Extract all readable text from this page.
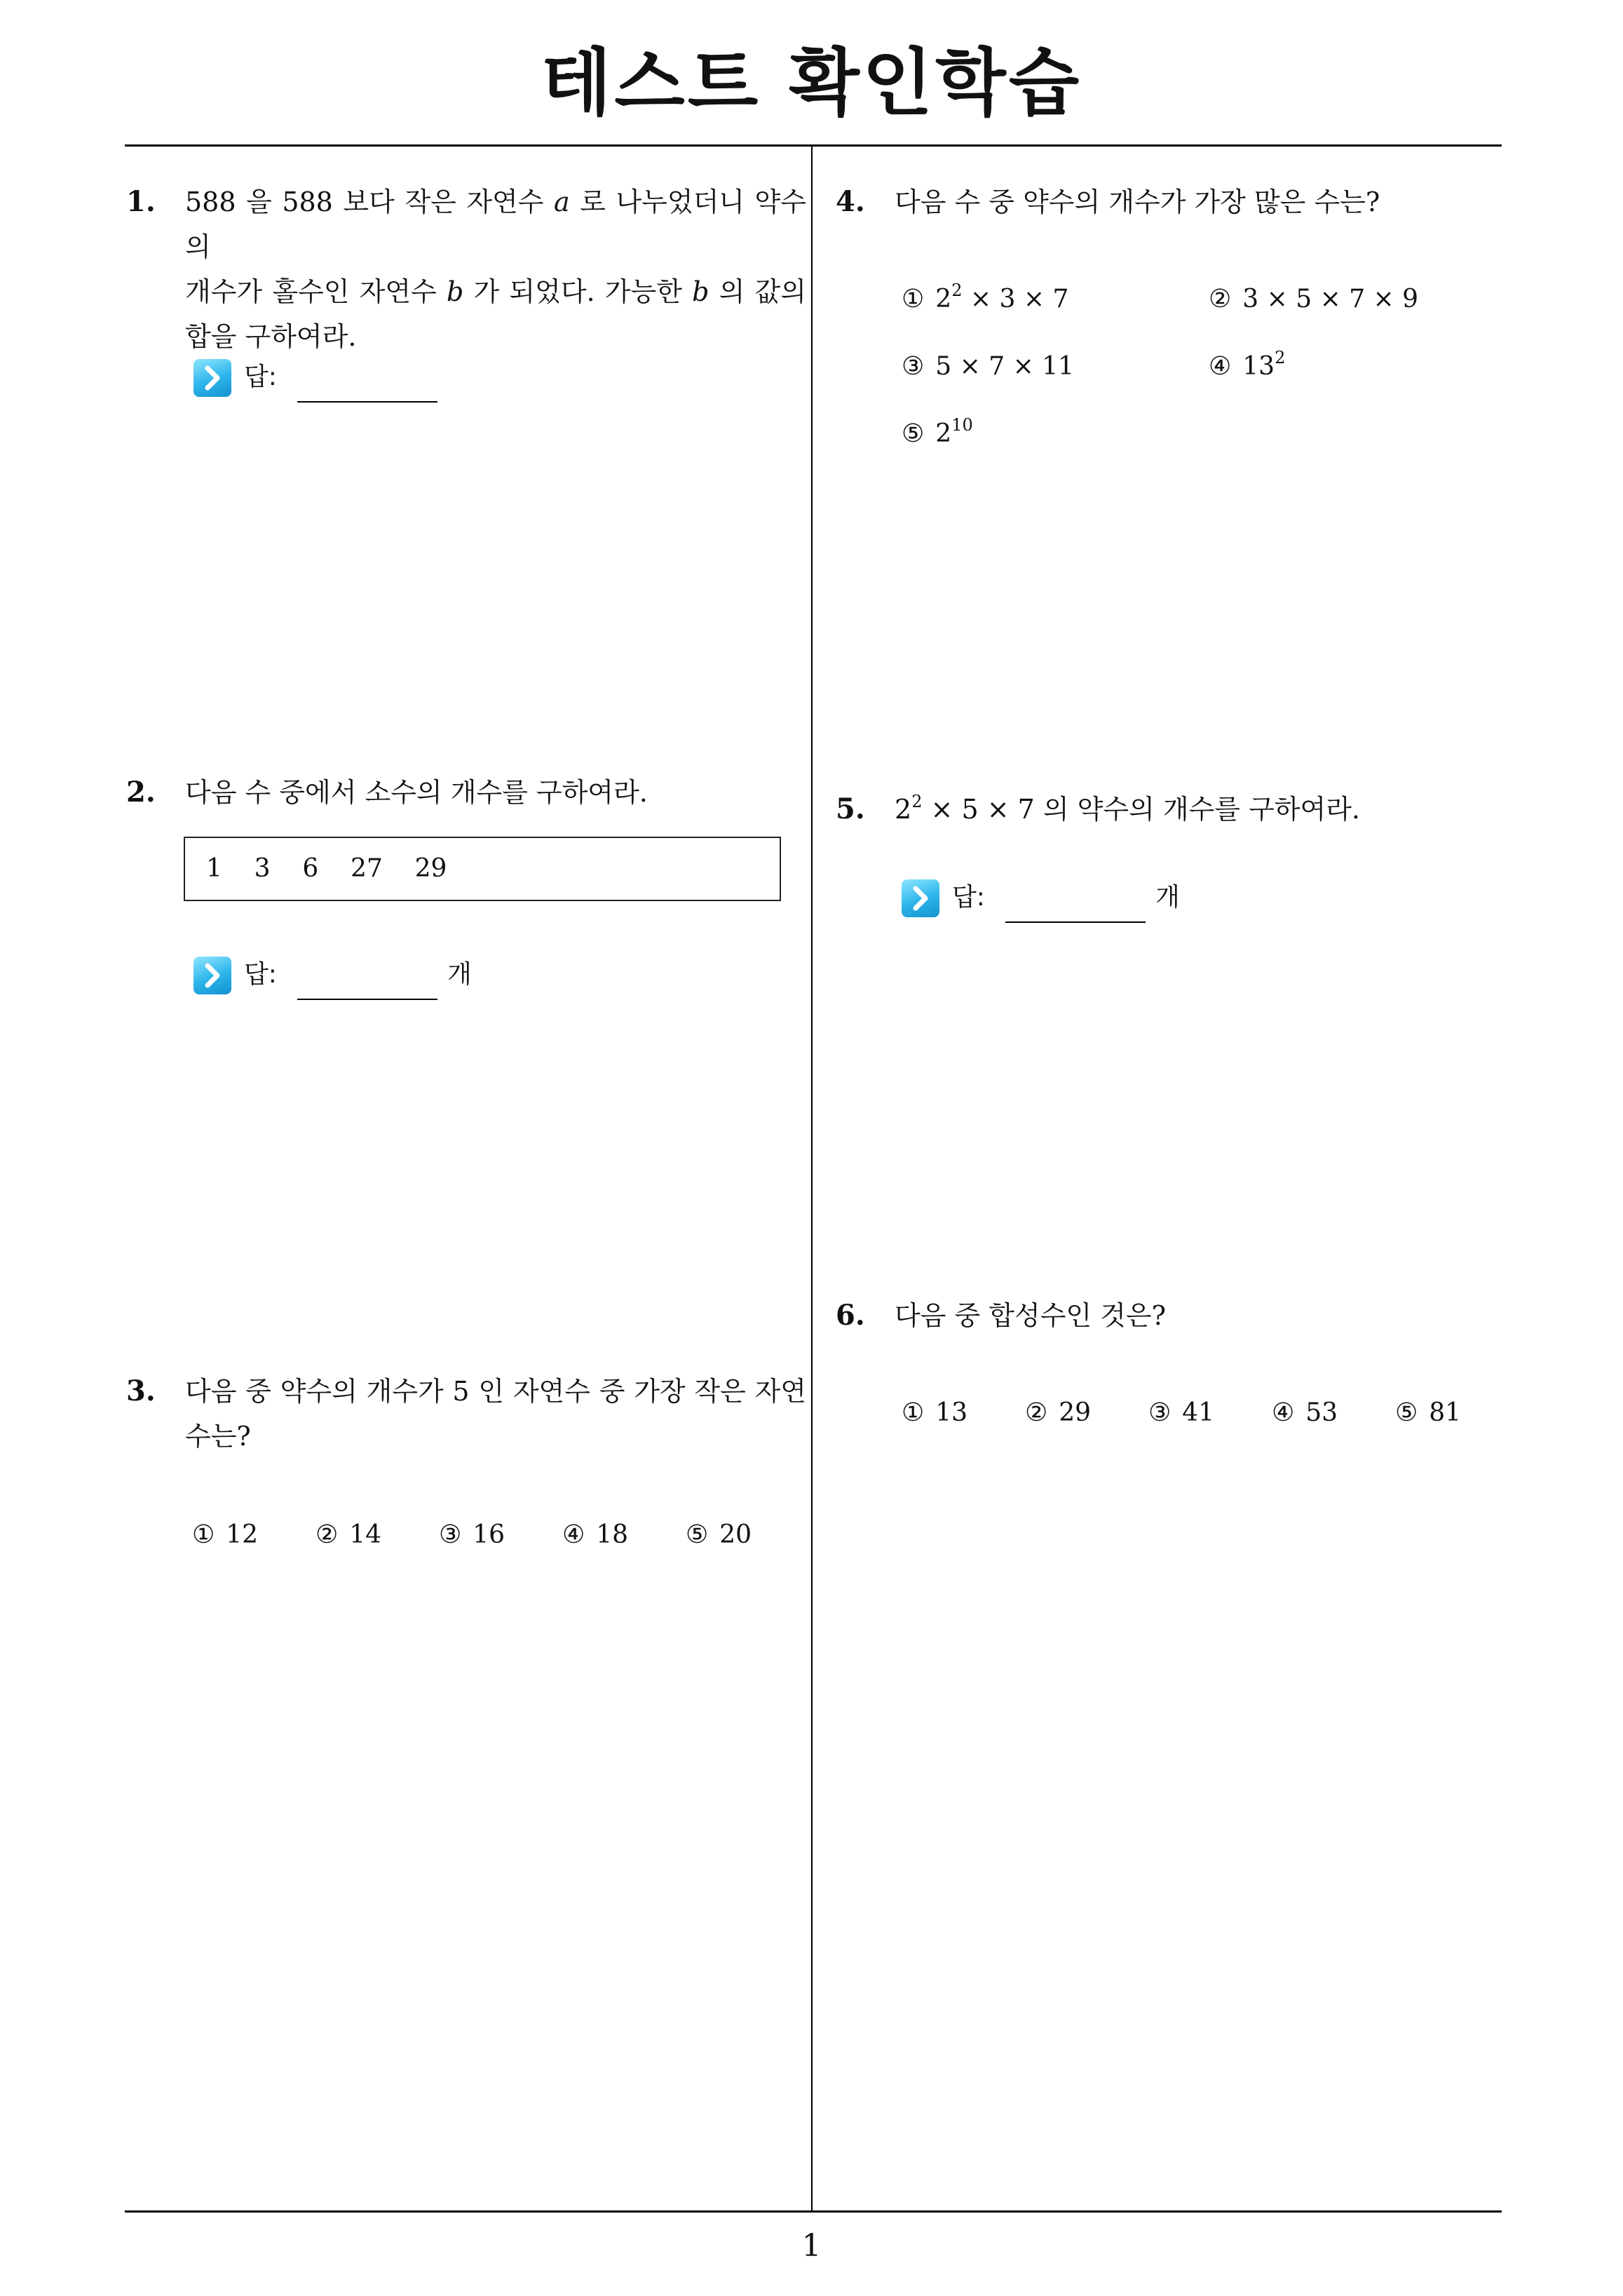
테스트 확인학습
1. 588 을 588 보다 작은 자연수 a 로 나누었더니 약수의
개수가 홀수인 자연수 b 가 되었다. 가능한 b 의 값의
합을 구하여라.
답:
2. 다음 수 중에서 소수의 개수를 구하여라.
1    3    6    27    29
답:	개
3. 다음 중 약수의 개수가 5 인 자연수 중 가장 작은 자연
수는?
① 12 ② 14 ③ 16 ④ 18 ⑤ 20
4. 다음 수 중 약수의 개수가 가장 많은 수는?
① $2^2 \times 3 \times 7$	② 3 × 5 × 7 × 9
③ 5 × 7 × 11	④ $13^2$
⑤ $2^{10}$
5. $2^2 \times 5 \times 7$ 의 약수의 개수를 구하여라.
답:	개
6. 다음 중 합성수인 것은?
① 13 ② 29 ③ 41 ④ 53 ⑤ 81
1
